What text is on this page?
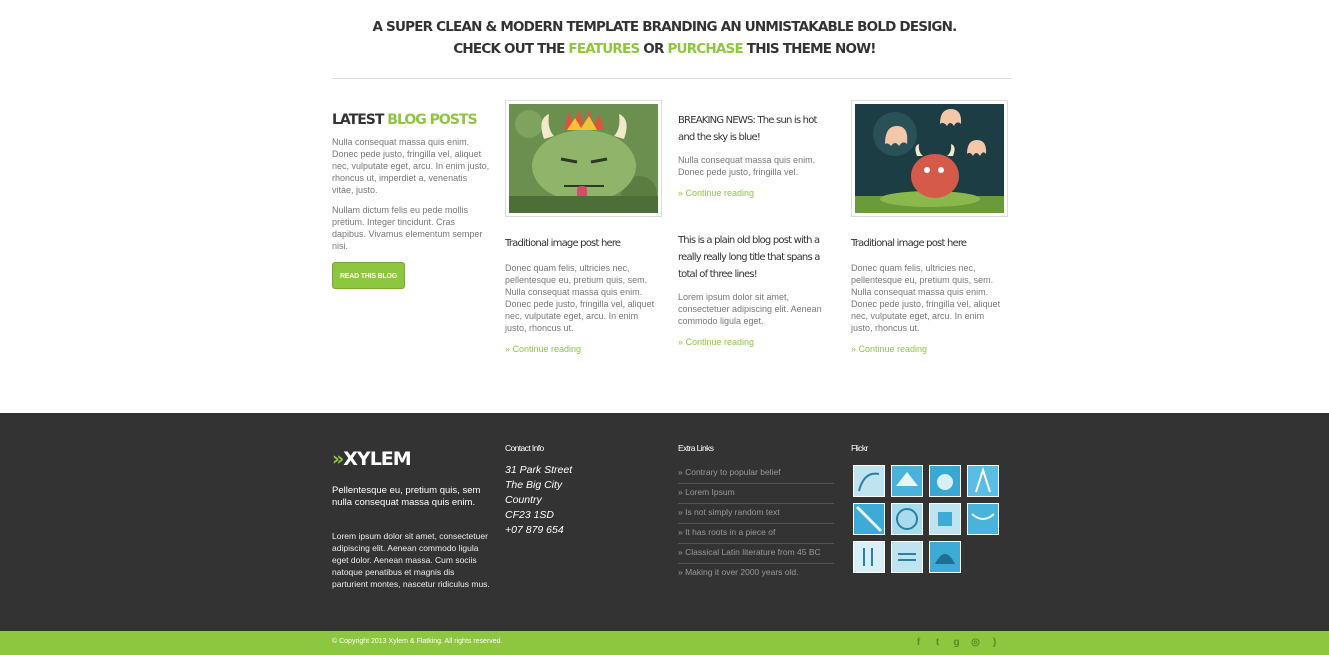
A SUPER CLEAN & MODERN TEMPLATE BRANDING AN UNMISTAKABLE BOLD DESIGN.
CHECK OUT THE FEATURES OR PURCHASE THIS THEME NOW!
LATEST BLOG POSTS

Nulla consequat massa quis enim. Donec pede justo, fringilla vel, aliquet nec, vulputate eget, arcu. In enim justo, rhoncus ut, imperdiet a, venenatis vitae, justo.

Nullam dictum felis eu pede mollis pretium. Integer tincidunt. Cras dapibus. Vivamus elementum semper nisi.

READ THIS BLOG
Traditional image post here
Donec quam felis, ultricies nec, pellentesque eu, pretium quis, sem. Nulla consequat massa quis enim. Donec pede justo, fringilla vel, aliquet nec, vulputate eget, arcu. In enim justo, rhoncus ut.
» Continue reading
BREAKING NEWS: The sun is hot and the sky is blue!
Nulla consequat massa quis enim. Donec pede justo, fringilla vel.
» Continue reading
This is a plain old blog post with a really really long title that spans a total of three lines!
Lorem ipsum dolor sit amet, consectetuer adipiscing elit. Aenean commodo ligula eget.
» Continue reading
Traditional image post here
Donec quam felis, ultricies nec, pellentesque eu, pretium quis, sem. Nulla consequat massa quis enim. Donec pede justo, fringilla vel, aliquet nec, vulputate eget, arcu. In enim justo, rhoncus ut.
» Continue reading
»XYLEM
Pellentesque eu, pretium quis, sem nulla consequat massa quis enim.
Lorem ipsum dolor sit amet, consectetuer adipiscing elit. Aenean commodo ligula eget dolor. Aenean massa. Cum sociis natoque penatibus et magnis dis parturient montes, nascetur ridiculus mus.
Contact Info
31 Park Street
The Big City
Country
CF23 1SD
+07 879 654
Extra Links
» Contrary to popular belief
» Lorem Ipsum
» Is not simply random text
» It has roots in a piece of
» Classical Latin literature from 45 BC
» Making it over 2000 years old.
Flickr
© Copyright 2013 Xylem & Flatking. All rights reserved.	f	t	g	◎	)
